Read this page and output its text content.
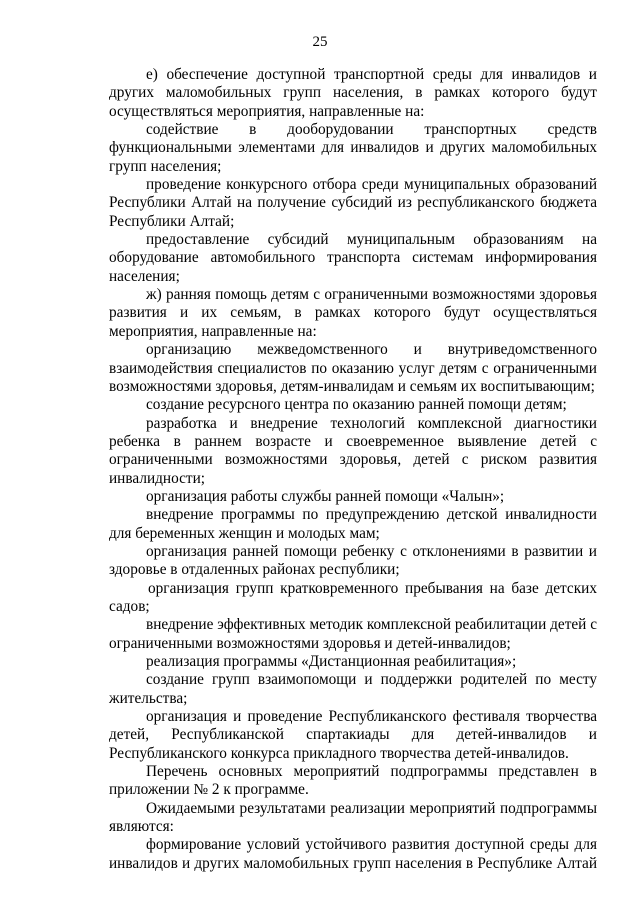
25
е) обеспечение доступной транспортной среды для инвалидов и
других маломобильных групп населения, в рамках которого будут
осуществляться мероприятия, направленные на:
содействие в дооборудовании транспортных средств
функциональными элементами для инвалидов и других маломобильных
групп населения;
проведение конкурсного отбора среди муниципальных образований
Республики Алтай на получение субсидий из республиканского бюджета
Республики Алтай;
предоставление субсидий муниципальным образованиям на
оборудование автомобильного транспорта системам информирования
населения;
ж) ранняя помощь детям с ограниченными возможностями здоровья
развития и их семьям, в рамках которого будут осуществляться
мероприятия, направленные на:
организацию межведомственного и внутриведомственного
взаимодействия специалистов по оказанию услуг детям с ограниченными
возможностями здоровья, детям-инвалидам и семьям их воспитывающим;
создание ресурсного центра по оказанию ранней помощи детям;
разработка и внедрение технологий комплексной диагностики
ребенка в раннем возрасте и своевременное выявление детей с
ограниченными возможностями здоровья, детей с риском развития
инвалидности;
организация работы службы ранней помощи «Чалын»;
внедрение программы по предупреждению детской инвалидности
для беременных женщин и молодых мам;
организация ранней помощи ребенку с отклонениями в развитии и
здоровье в отдаленных районах республики;
организация групп кратковременного пребывания на базе детских
садов;
внедрение эффективных методик комплексной реабилитации детей с
ограниченными возможностями здоровья и детей-инвалидов;
реализация программы «Дистанционная реабилитация»;
создание групп взаимопомощи и поддержки родителей по месту
жительства;
организация и проведение Республиканского фестиваля творчества
детей, Республиканской спартакиады для детей-инвалидов и
Республиканского конкурса прикладного творчества детей-инвалидов.
Перечень основных мероприятий подпрограммы представлен в
приложении № 2 к программе.
Ожидаемыми результатами реализации мероприятий подпрограммы
являются:
формирование условий устойчивого развития доступной среды для
инвалидов и других маломобильных групп населения в Республике Алтай
